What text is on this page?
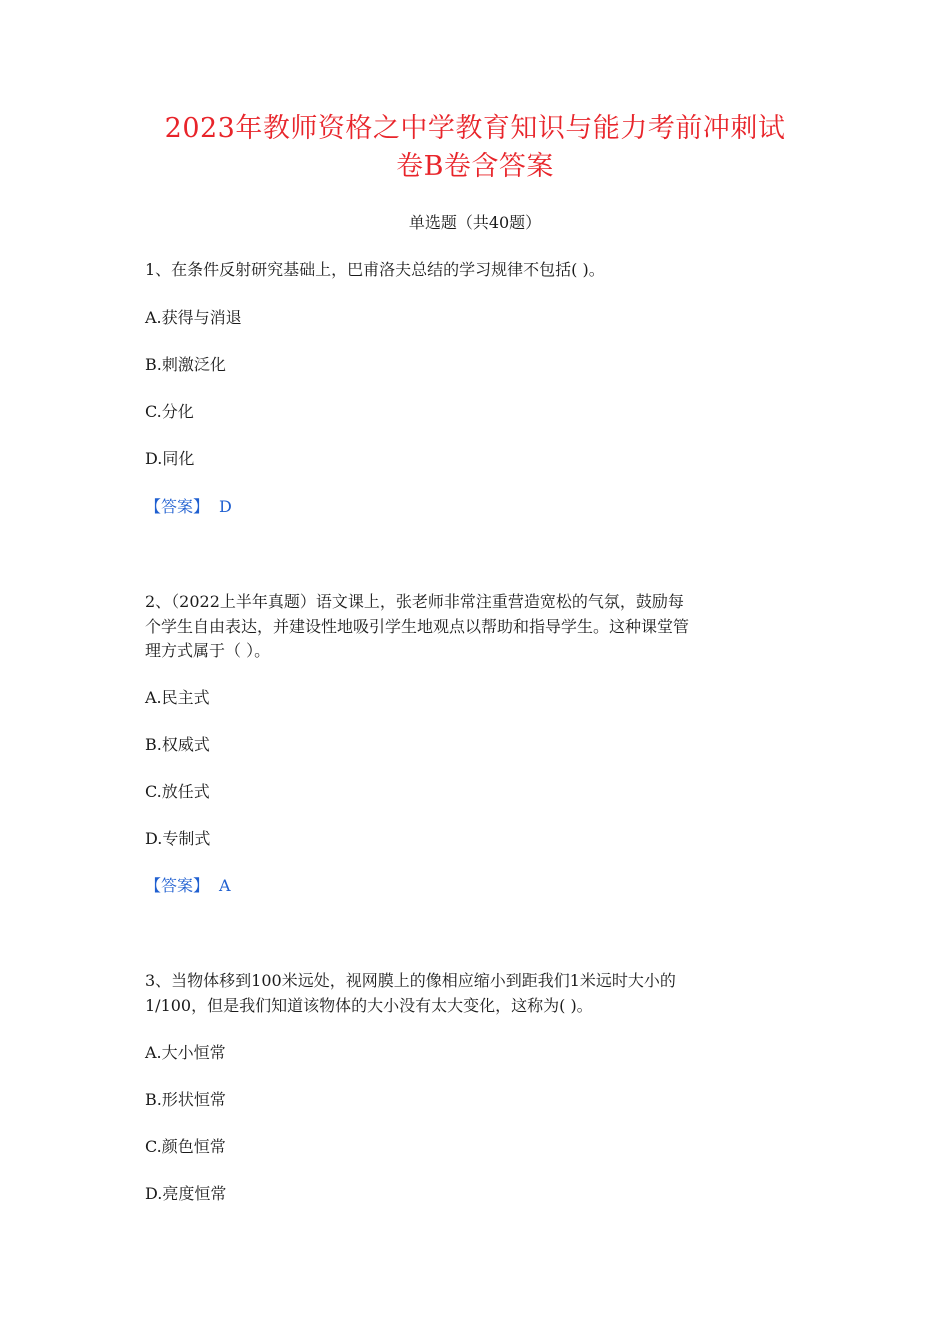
2023年教师资格之中学教育知识与能力考前冲刺试
卷B卷含答案
单选题（共40题）
1、在条件反射研究基础上，巴甫洛夫总结的学习规律不包括( )。
A.获得与消退
B.刺激泛化
C.分化
D.同化
【答案】 D
2、（2022上半年真题）语文课上，张老师非常注重营造宽松的气氛，鼓励每
个学生自由表达，并建设性地吸引学生地观点以帮助和指导学生。这种课堂管
理方式属于（ ）。
A.民主式
B.权威式
C.放任式
D.专制式
【答案】 A
3、当物体移到100米远处，视网膜上的像相应缩小到距我们1米远时大小的
1/100，但是我们知道该物体的大小没有太大变化，这称为( )。
A.大小恒常
B.形状恒常
C.颜色恒常
D.亮度恒常
